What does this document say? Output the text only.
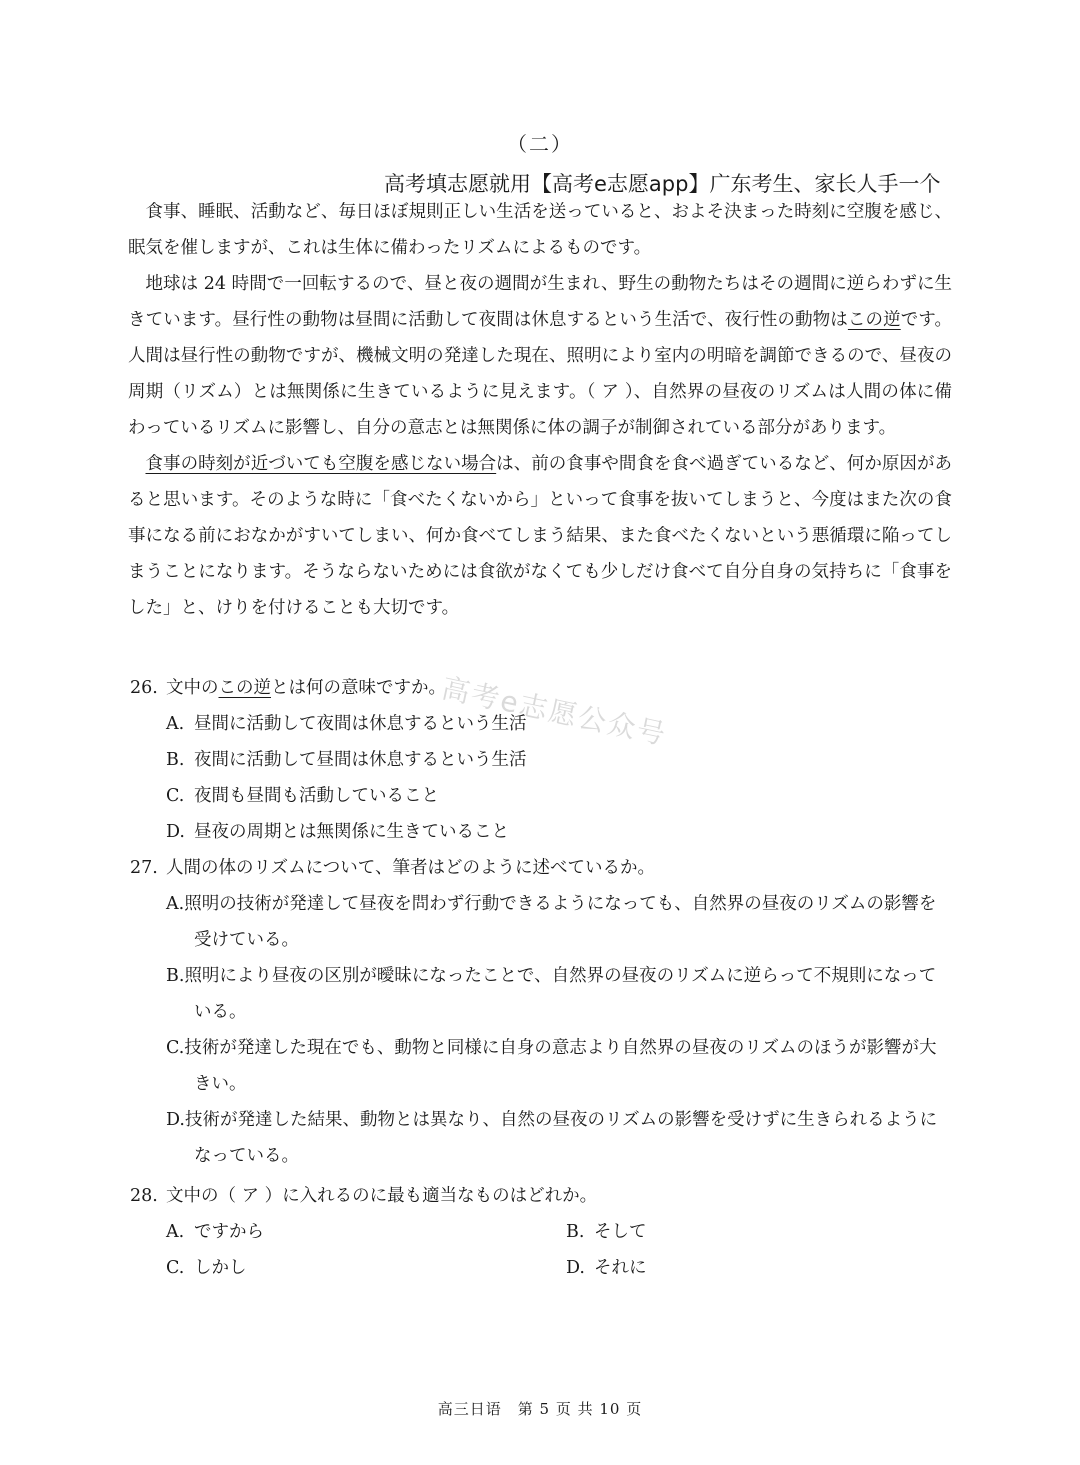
（二）
高考填志愿就用【高考e志愿app】广东考生、家长人手一个

食事、睡眠、活動など、毎日ほぼ規則正しい生活を送っていると、およそ決まった時刻に空腹を感じ、眠気を催しますが、これは生体に備わったリズムによるものです。

地球は 24 時間で一回転するので、昼と夜の週間が生まれ、野生の動物たちはその週間に逆らわずに生きています。昼行性の動物は昼間に活動して夜間は休息するという生活で、夜行性の動物はこの逆です。人間は昼行性の動物ですが、機械文明の発達した現在、照明により室内の明暗を調節できるので、昼夜の周期（リズム）とは無関係に生きているように見えます。（ ア ）、自然界の昼夜のリズムは人間の体に備わっているリズムに影響し、自分の意志とは無関係に体の調子が制御されている部分があります。

食事の時刻が近づいても空腹を感じない場合は、前の食事や間食を食べ過ぎているなど、何か原因があると思います。そのような時に「食べたくないから」といって食事を抜いてしまうと、今度はまた次の食事になる前におなかがすいてしまい、何か食べてしまう結果、また食べたくないという悪循環に陥ってしまうことになります。そうならないためには食欲がなくても少しだけ食べて自分自身の気持ちに「食事をした」と、けりを付けることも大切です。

高考e志愿公众号
26. 文中のこの逆とは何の意味ですか。
A. 昼間に活動して夜間は休息するという生活
B. 夜間に活動して昼間は休息するという生活
C. 夜間も昼間も活動していること
D. 昼夜の周期とは無関係に生きていること
27. 人間の体のリズムについて、筆者はどのように述べているか。
A.照明の技術が発達して昼夜を問わず行動できるようになっても、自然界の昼夜のリズムの影響を受けている。
B.照明により昼夜の区別が曖昧になったことで、自然界の昼夜のリズムに逆らって不規則になっている。
C.技術が発達した現在でも、動物と同様に自身の意志より自然界の昼夜のリズムのほうが影響が大きい。
D.技術が発達した結果、動物とは異なり、自然の昼夜のリズムの影響を受けずに生きられるようになっている。
28. 文中の（ ア ）に入れるのに最も適当なものはどれか。
A. ですから	B. そして
C. しかし	D. それに
高三日语　第 5 页 共 10 页
